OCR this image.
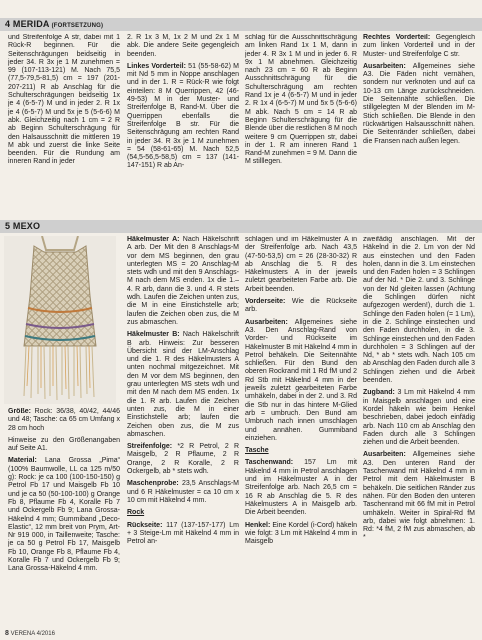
4 MERIDA (FORTSETZUNG)

und Streifenfolge A str, dabei mit 1 Rück-R beginnen. Für die Seitenschrägungen beidseitig in jeder 34. R 3x je 1 M zunehmen = 99 (107-113-121) M. Nach 75,5 (77,5-79,5-81,5) cm = 197 (201-207-211) R ab Anschlag für die Schulterschrägungen beidseitig 1x je 4 (6-5-7) M und in jeder 2. R 1x je 4 (6-5-7) M und 5x je 5 (5-6-6) M abk. Gleichzeitig nach 1 cm = 2 R ab Beginn Schulterschrägung für den Halsausschnitt die mittleren 19 M abk und zuerst die linke Seite beenden. Für die Rundung am inneren Rand in jeder

2. R 1x 3 M, 1x 2 M und 2x 1 M abk. Die andere Seite gegengleich beenden.

Linkes Vorderteil: 51 (55-58-62) M mit Nd 5 mm in Noppe anschlagen und in der 1. R = Rück-R wie folgt einteilen: 8 M Querrippen, 42 (46-49-53) M in der Muster- und Streifenfolge B, Rand-M. Über die Querrippen ebenfalls die Streifenfolge B str. Für die Seitenschrägung am rechten Rand in jeder 34. R 3x je 1 M zunehmen = 54 (58-61-65) M. Nach 52,5 (54,5-56,5-58,5) cm = 137 (141-147-151) R ab An-

schlag für die Ausschnittschrägung am linken Rand 1x 1 M, dann in jeder 4. R 3x 1 M und in jeder 6. R 9x 1 M abnehmen. Gleichzeitig nach 23 cm = 60 R ab Beginn Ausschnittschrägung für die Schulterschrägung am rechten Rand 1x je 4 (6-5-7) M und in jeder 2. R 1x 4 (6-5-7) M und 5x 5 (5-6-6) M abk. Nach 5 cm = 14 R ab Beginn Schulterschrägung für die Blende über die restlichen 8 M noch weitere 9 cm Querrippen str, dabei in der 1. R am inneren Rand 1 Rand-M zunehmen = 9 M. Dann die M stilllegen.

Rechtes Vorderteil: Gegengleich zum linken Vorderteil und in der Muster- und Streifenfolge C str.

Ausarbeiten: Allgemeines siehe A3. Die Fäden nicht vernähen, sondern nur verknoten und auf ca 10-13 cm Länge zurückschneiden. Die Seitennähte schließen. Die stillgelegten M der Blenden im M-Stich schließen. Die Blende in den rückwärtigen Halsausschnitt nähen. Die Seitenränder schließen, dabei die Fransen nach außen legen.

5 MEXO

Größe: Rock: 36/38, 40/42, 44/46 und 48; Tasche: ca 65 cm Umfang x 28 cm hoch

Hinweise zu den Größenangaben auf Seite A1.

Material: Lana Grossa „Pima“ (100% Baumwolle, LL ca 125 m/50 g): Rock: je ca 100 (100-150-150) g Petrol Fb 17 und Maisgelb Fb 10 und je ca 50 (50-100-100) g Orange Fb 8, Pflaume Fb 4, Koralle Fb 7 und Ockergelb Fb 9; Lana Grossa-Häkelnd 4 mm; Gummiband „Deco-Elastic“, 12 mm breit von Prym, Art-Nr 919 000, in Taillenweite; Tasche: je ca 50 g Petrol Fb 17, Maisgelb Fb 10, Orange Fb 8, Pflaume Fb 4, Koralle Fb 7 und Ockergelb Fb 9; Lana Grossa-Häkelnd 4 mm.

Häkelmuster A: Nach Häkelschrift A arb. Der Mit den 8 Anschlags-M vor dem MS beginnen, den grau unterlegten MS = 20 Anschlag-M stets wdh und mit den 9 Anschlags-M nach dem MS enden. 1x die 1.–4. R arb, dann die 3. und 4. R stets wdh. Laufen die Zeichen unten zus, die M in eine Einstichstelle arb; laufen die Zeichen oben zus, die M zus abmaschen.

Häkelmuster B: Nach Häkelschrift B arb. Hinweis: Zur besseren Übersicht sind der LM-Anschlag und die 1. R des Häkelmusters A unten nochmal mitgezeichnet. Mit den M vor dem MS beginnen, den grau unterlegten MS stets wdh und mit den M nach dem MS enden. 1x die 1. R arb. Laufen die Zeichen unten zus, die M in einer Einstichstelle arb; laufen die Zeichen oben zus, die M zus abmaschen.

Streifenfolge: *2 R Petrol, 2 R Maisgelb, 2 R Pflaume, 2 R Orange, 2 R Koralle, 2 R Ockergelb, ab * stets wdh.

Maschenprobe: 23,5 Anschlags-M und 6 R Häkelmuster = ca 10 cm x 10 cm mit Häkelnd 4 mm.

Rock

Rückseite: 117 (137-157-177) Lm + 3 Steige-Lm mit Häkelnd 4 mm in Petrol an-

schlagen und im Häkelmuster A in der Streifenfolge arb. Nach 43,5 (47-50-53,5) cm = 26 (28-30-32) R ab Anschlag die 5. R des Häkelmusters A in der jeweils zuletzt gearbeiteten Farbe arb. Die Arbeit beenden.

Vorderseite: Wie die Rückseite arb.

Ausarbeiten: Allgemeines siehe A3. Den Anschlag-Rand von Vorder- und Rückseite im Häkelmuster B mit Häkelnd 4 mm in Petrol behäkeln. Die Seitennähte schließen. Für den Bund den oberen Rockrand mit 1 Rd fM und 2 Rd Stb mit Häkelnd 4 mm in der jeweils zuletzt gearbeiteten Farbe umhäkeln, dabei in der 2. und 3. Rd die Stb nur in das hintere M-Glied arb = umbruch. Den Bund am Umbruch nach innen umschlagen und annähen. Gummiband einziehen.

Tasche

Taschenwand: 157 Lm mit Häkelnd 4 mm in Petrol anschlagen und im Häkelmuster A in der Streifenfolge arb. Nach 26,5 cm = 16 R ab Anschlag die 5. R des Häkelmusters A in Maisgelb arb. Die Arbeit beenden.

Henkel: Eine Kordel (i-Cord) häkeln wie folgt: 3 Lm mit Häkelnd 4 mm in Maisgelb

zweifädig anschlagen. Mit der Häkelnd in die 2. Lm von der Nd aus einstechen und den Faden holen, dann in die 3. Lm einstechen und den Faden holen = 3 Schlingen auf der Nd. * Die 2. und 3. Schlinge von der Nd gleiten lassen (Achtung die Schlingen dürfen nicht aufgezogen werden!), durch die 1. Schlinge den Faden holen (= 1 Lm), in die 2. Schlinge einstechen und den Faden durchholen, in die 3. Schlinge einstechen und den Faden durchholen = 3 Schlingen auf der Nd, * ab * stets wdh. Nach 105 cm ab Anschlag den Faden durch alle 3 Schlingen ziehen und die Arbeit beenden.

Zugband: 3 Lm mit Häkelnd 4 mm in Maisgelb anschlagen und eine Kordel häkeln wie beim Henkel beschrieben, dabei jedoch einfädig arb. Nach 110 cm ab Anschlag den Faden durch alle 3 Schlingen ziehen und die Arbeit beenden.

Ausarbeiten: Allgemeines siehe A3. Den unteren Rand der Taschenwand mit Häkelnd 4 mm in Petrol mit dem Häkelmuster B behäkeln. Die seitlichen Ränder zus nähen. Für den Boden den unteren Taschenrand mit 66 fM mit in Petrol umhäkeln. Weiter in Spiral-Rd fM arb, dabei wie folgt abnehmen: 1. Rd: *4 fM, 2 fM zus abmaschen, ab *

8 VERENA 4/2016
